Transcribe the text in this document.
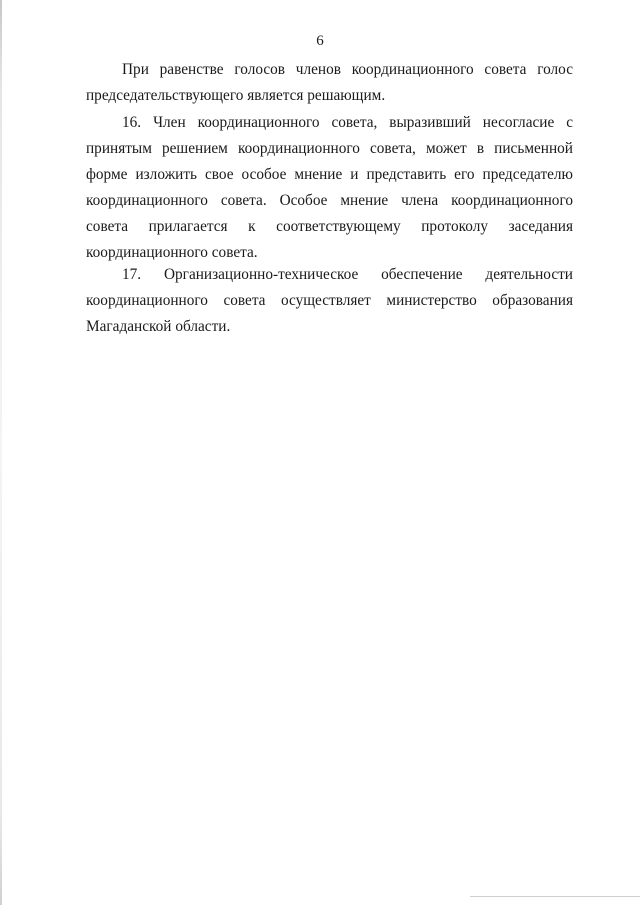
6

При равенстве голосов членов координационного совета голос председательствующего является решающим.

16. Член координационного совета, выразивший несогласие с принятым решением координационного совета, может в письменной форме изложить свое особое мнение и представить его председателю координационного совета. Особое мнение члена координационного совета прилагается к соответствующему протоколу заседания координационного совета.

17. Организационно-техническое обеспечение деятельности координационного совета осуществляет министерство образования Магаданской области.
